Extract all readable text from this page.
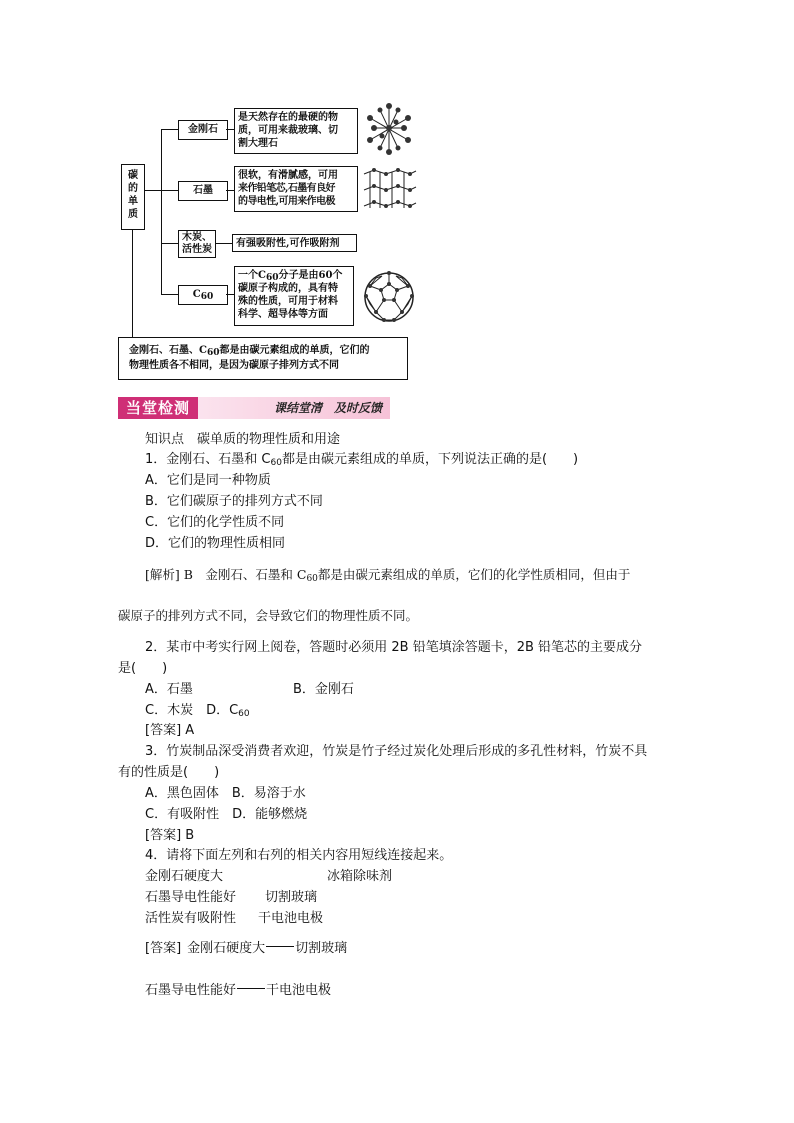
碳的单质
金刚石
是天然存在的最硬的物
质，可用来裁玻璃、切
割大理石
石墨
很软，有滑腻感，可用
来作铅笔芯,石墨有良好
的导电性,可用来作电极
木炭、
活性炭
有强吸附性,可作吸附剂
$C_{60}$
一个$C_{60}$分子是由60个
碳原子构成的，具有特
殊的性质，可用于材料
科学、超导体等方面
金刚石、石墨、$C_{60}$都是由碳元素组成的单质，它们的
物理性质各不相同，是因为碳原子排列方式不同
当堂检测	课结堂清　及时反馈
知识点　碳单质的物理性质和用途
1．金刚石、石墨和 $C_{60}$都是由碳元素组成的单质，下列说法正确的是(　　)
A．它们是同一种物质
B．它们碳原子的排列方式不同
C．它们的化学性质不同
D．它们的物理性质相同
[解析] B　金刚石、石墨和 $C_{60}$都是由碳元素组成的单质，它们的化学性质相同，但由于
碳原子的排列方式不同，会导致它们的物理性质不同。
2．某市中考实行网上阅卷，答题时必须用 2B 铅笔填涂答题卡，2B 铅笔芯的主要成分
是(　　)
A．石墨	B．金刚石
C．木炭　D．$C_{60}$
[答案] A
3．竹炭制品深受消费者欢迎，竹炭是竹子经过炭化处理后形成的多孔性材料，竹炭不具
有的性质是(　　)
A．黑色固体　B．易溶于水
C．有吸附性　D．能够燃烧
[答案] B
4．请将下面左列和右列的相关内容用短线连接起来。
金刚石硬度大	冰箱除味剂
石墨导电性能好 切割玻璃
活性炭有吸附性 干电池电极
[答案] 金刚石硬度大 切割玻璃
石墨导电性能好 干电池电极
